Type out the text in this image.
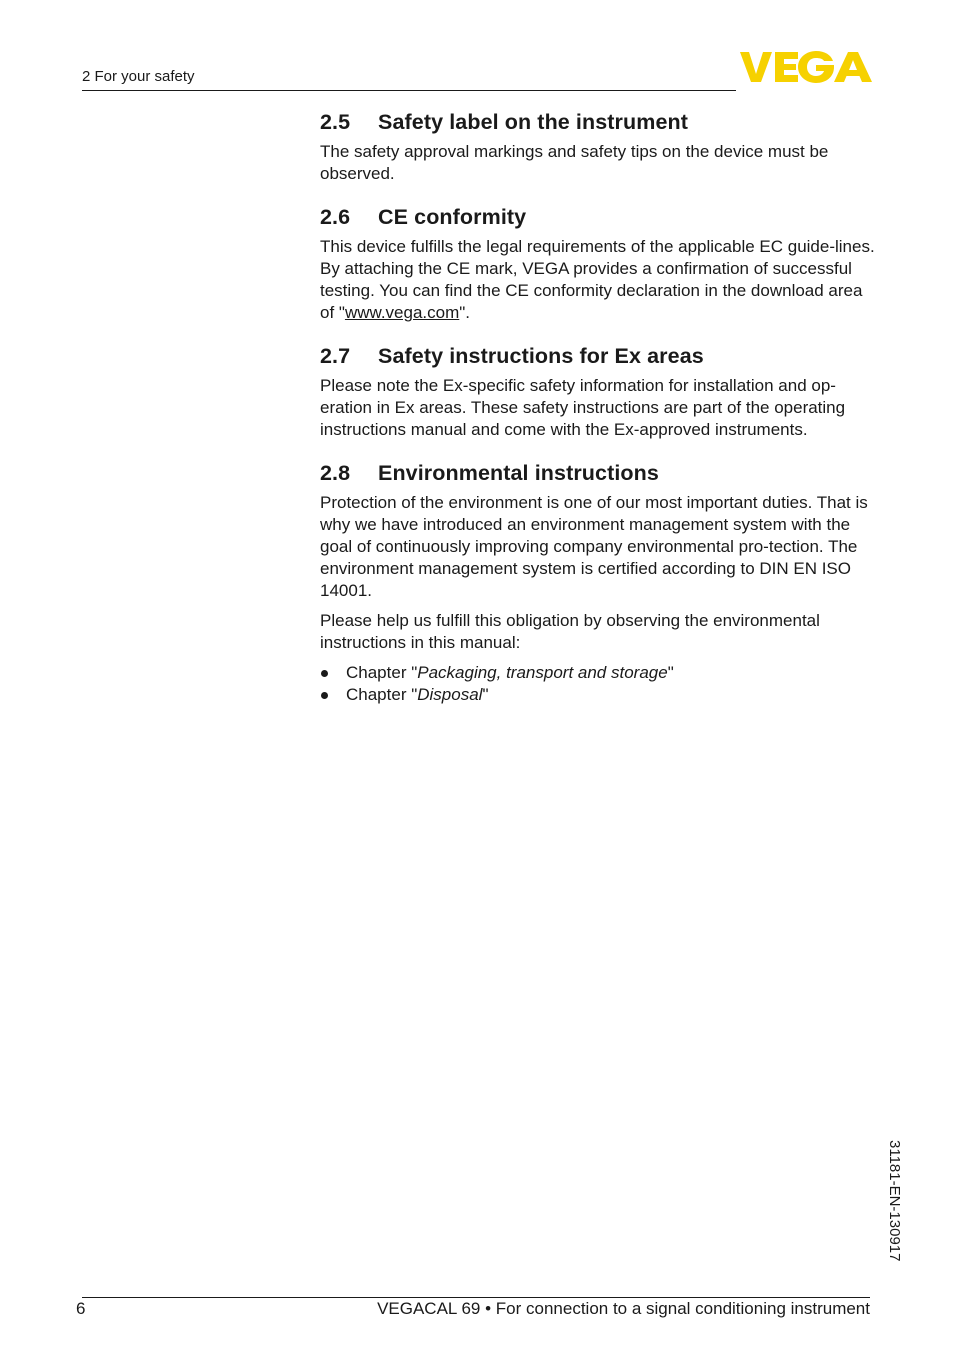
2 For your safety
2.5	Safety label on the instrument

The safety approval markings and safety tips on the device must be observed.

2.6	CE conformity

This device fulfills the legal requirements of the applicable EC guide-lines. By attaching the CE mark, VEGA provides a confirmation of successful testing. You can find the CE conformity declaration in the download area of "www.vega.com".

2.7	Safety instructions for Ex areas

Please note the Ex-specific safety information for installation and op-eration in Ex areas. These safety instructions are part of the operating instructions manual and come with the Ex-approved instruments.

2.8	Environmental instructions

Protection of the environment is one of our most important duties. That is why we have introduced an environment management system with the goal of continuously improving company environmental pro-tection. The environment management system is certified according to DIN EN ISO 14001.

Please help us fulfill this obligation by observing the environmental instructions in this manual:

Chapter "Packaging, transport and storage"
Chapter "Disposal"
31181-EN-130917
6	VEGACAL 69 • For connection to a signal conditioning instrument
